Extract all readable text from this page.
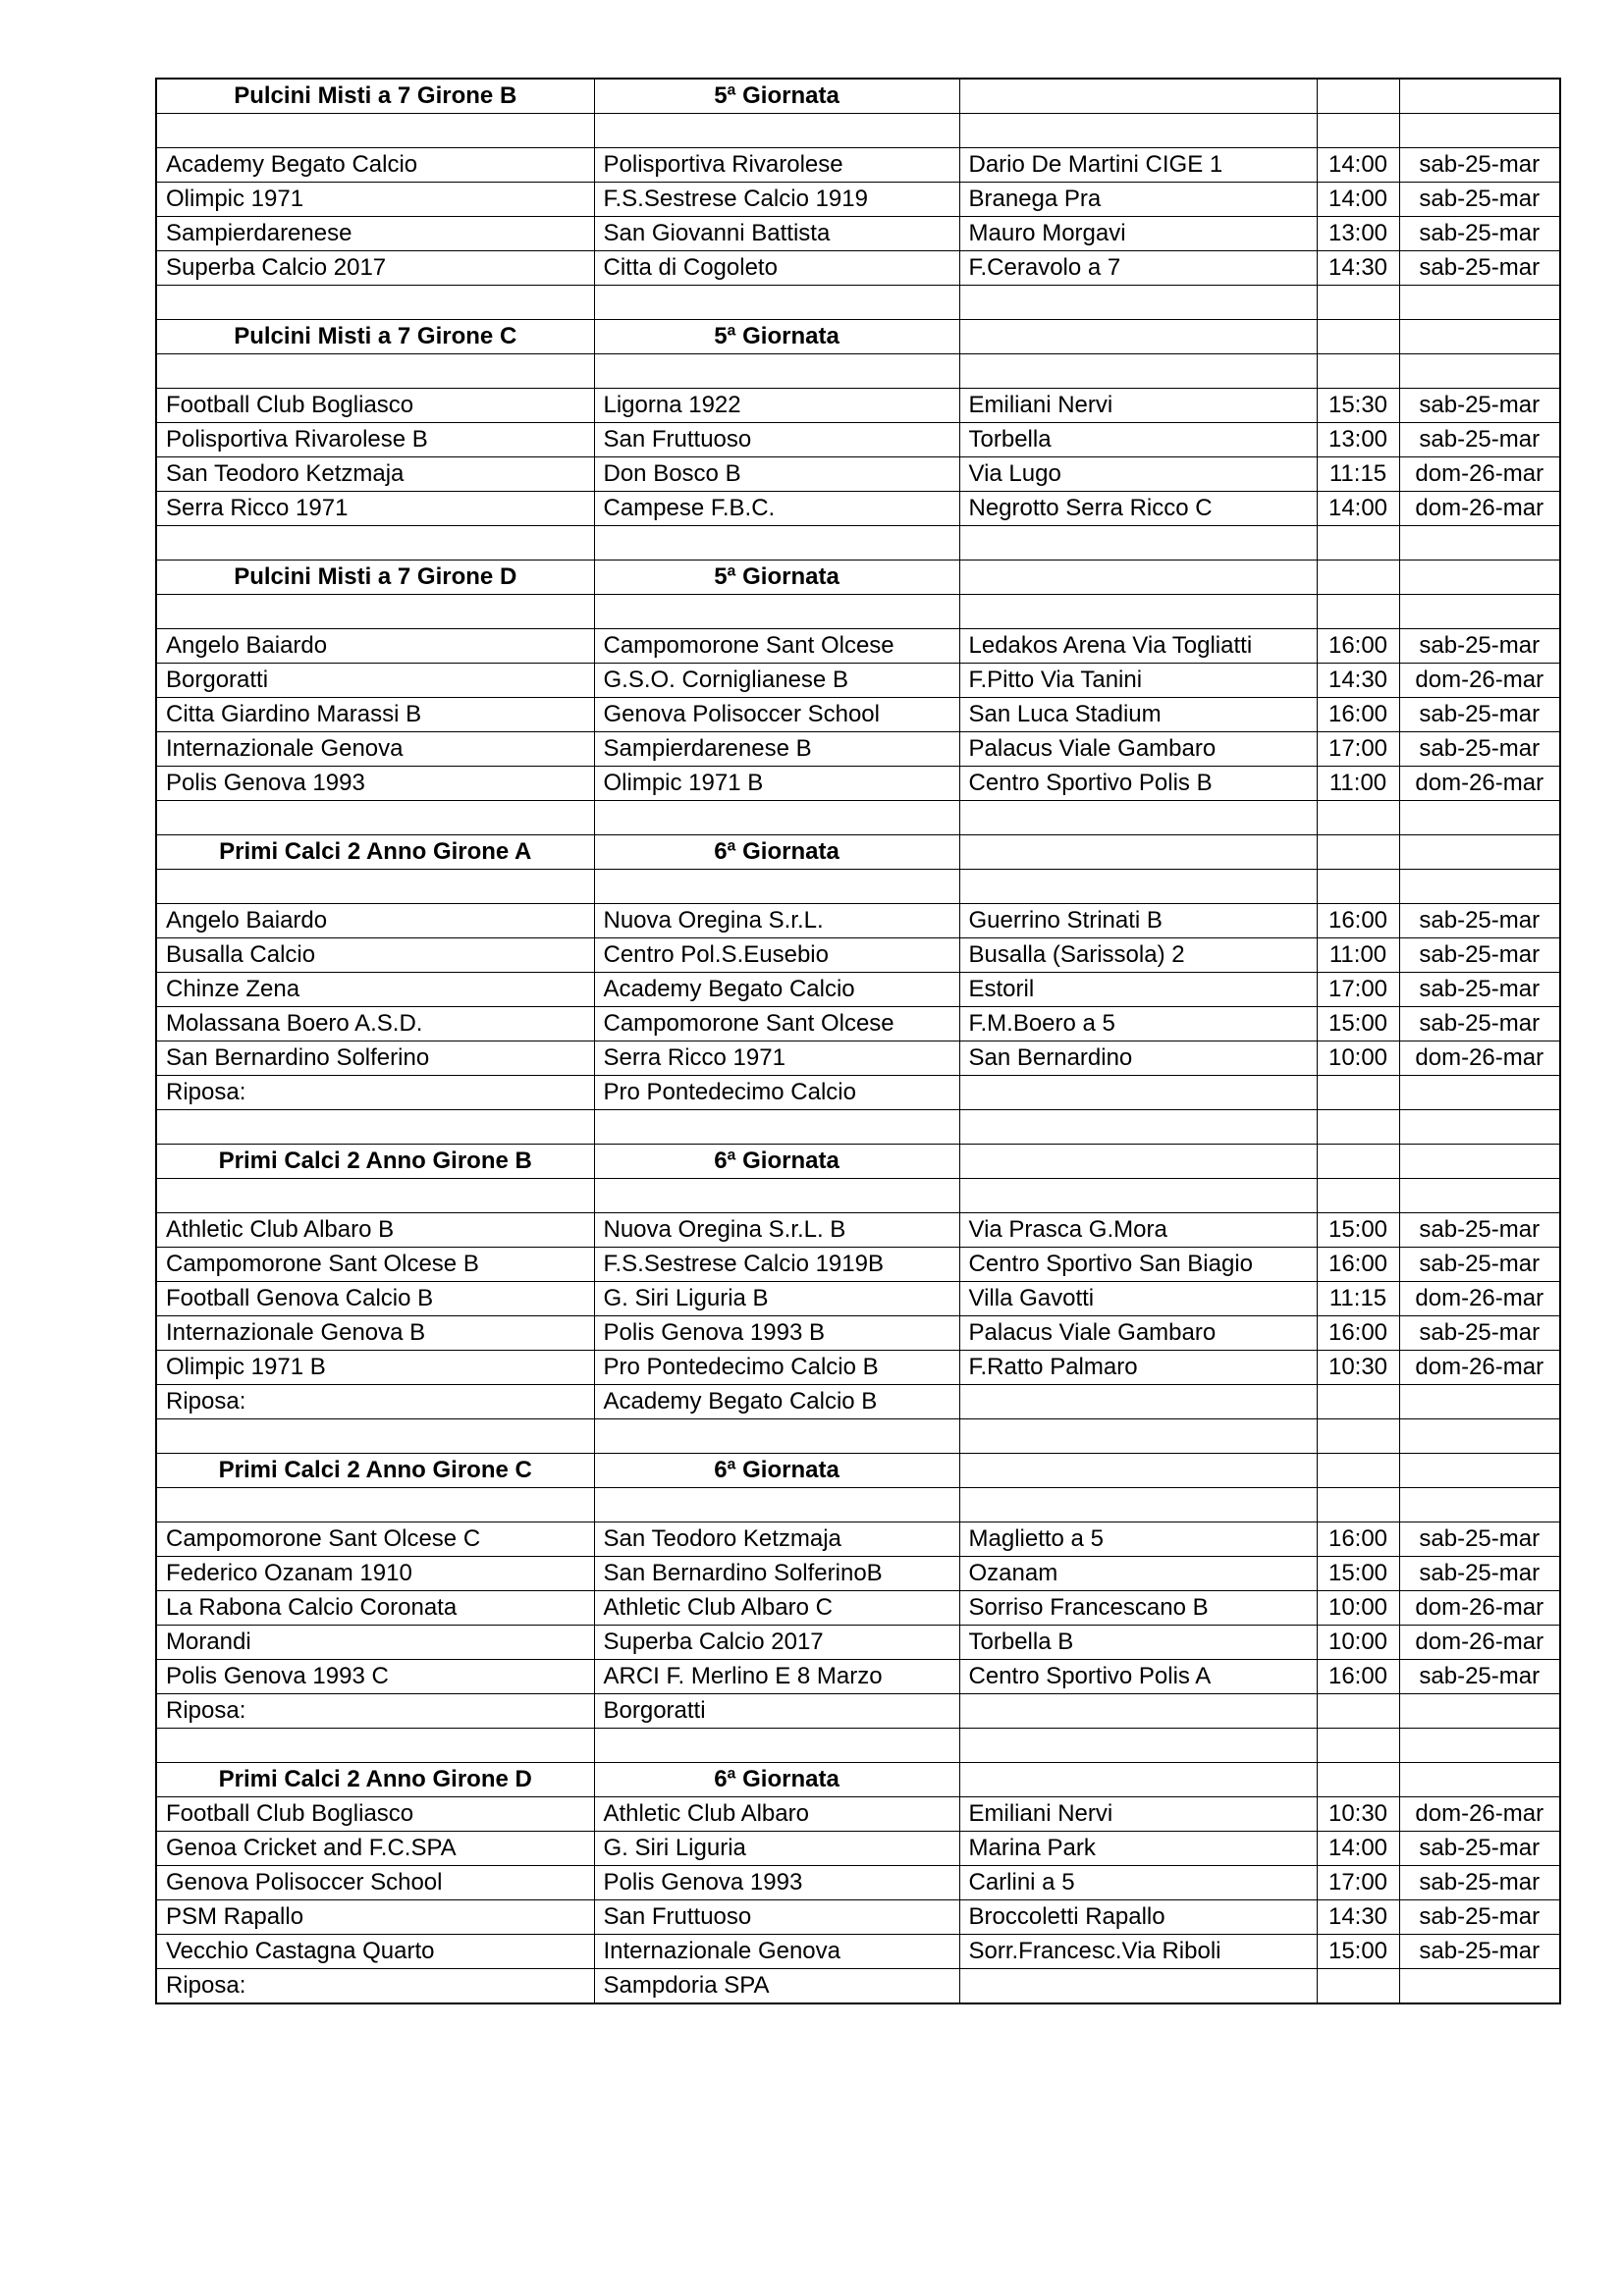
Pulcini Misti a 7 Girone B	5ª Giornata			

Academy Begato Calcio	Polisportiva Rivarolese	Dario De Martini CIGE 1	14:00	sab-25-mar
Olimpic 1971	F.S.Sestrese Calcio 1919	Branega Pra	14:00	sab-25-mar
Sampierdarenese	San Giovanni Battista	Mauro Morgavi	13:00	sab-25-mar
Superba Calcio 2017	Citta di Cogoleto	F.Ceravolo a 7	14:30	sab-25-mar

Pulcini Misti a 7 Girone C	5ª Giornata			

Football Club Bogliasco	Ligorna 1922	Emiliani Nervi	15:30	sab-25-mar
Polisportiva Rivarolese B	San Fruttuoso	Torbella	13:00	sab-25-mar
San Teodoro Ketzmaja	Don Bosco B	Via Lugo	11:15	dom-26-mar
Serra Ricco 1971	Campese F.B.C.	Negrotto Serra Ricco C	14:00	dom-26-mar

Pulcini Misti a 7 Girone D	5ª Giornata			

Angelo Baiardo	Campomorone Sant Olcese	Ledakos Arena Via Togliatti	16:00	sab-25-mar
Borgoratti	G.S.O. Corniglianese B	F.Pitto Via Tanini	14:30	dom-26-mar
Citta Giardino Marassi B	Genova Polisoccer School	San Luca Stadium	16:00	sab-25-mar
Internazionale Genova	Sampierdarenese B	Palacus Viale Gambaro	17:00	sab-25-mar
Polis Genova 1993	Olimpic 1971 B	Centro Sportivo Polis B	11:00	dom-26-mar

Primi Calci 2 Anno Girone A	6ª Giornata			

Angelo Baiardo	Nuova Oregina S.r.L.	Guerrino Strinati B	16:00	sab-25-mar
Busalla Calcio	Centro Pol.S.Eusebio	Busalla (Sarissola) 2	11:00	sab-25-mar
Chinze Zena	Academy Begato Calcio	Estoril	17:00	sab-25-mar
Molassana Boero A.S.D.	Campomorone Sant Olcese	F.M.Boero a 5	15:00	sab-25-mar
San Bernardino Solferino	Serra Ricco 1971	San Bernardino	10:00	dom-26-mar
Riposa:	Pro Pontedecimo Calcio			

Primi Calci 2 Anno Girone B	6ª Giornata			

Athletic Club Albaro B	Nuova Oregina S.r.L. B	Via Prasca G.Mora	15:00	sab-25-mar
Campomorone Sant Olcese B	F.S.Sestrese Calcio 1919B	Centro Sportivo San Biagio	16:00	sab-25-mar
Football Genova Calcio B	G. Siri Liguria B	Villa Gavotti	11:15	dom-26-mar
Internazionale Genova B	Polis Genova 1993 B	Palacus Viale Gambaro	16:00	sab-25-mar
Olimpic 1971 B	Pro Pontedecimo Calcio B	F.Ratto Palmaro	10:30	dom-26-mar
Riposa:	Academy Begato Calcio B			

Primi Calci 2 Anno Girone C	6ª Giornata			

Campomorone Sant Olcese C	San Teodoro Ketzmaja	Maglietto a 5	16:00	sab-25-mar
Federico Ozanam 1910	San Bernardino SolferinoB	Ozanam	15:00	sab-25-mar
La Rabona Calcio Coronata	Athletic Club Albaro C	Sorriso Francescano B	10:00	dom-26-mar
Morandi	Superba Calcio 2017	Torbella B	10:00	dom-26-mar
Polis Genova 1993 C	ARCI F. Merlino E 8 Marzo	Centro Sportivo Polis A	16:00	sab-25-mar
Riposa:	Borgoratti			

Primi Calci 2 Anno Girone D	6ª Giornata			
Football Club Bogliasco	Athletic Club Albaro	Emiliani Nervi	10:30	dom-26-mar
Genoa Cricket and F.C.SPA	G. Siri Liguria	Marina Park	14:00	sab-25-mar
Genova Polisoccer School	Polis Genova 1993	Carlini a 5	17:00	sab-25-mar
PSM Rapallo	San Fruttuoso	Broccoletti Rapallo	14:30	sab-25-mar
Vecchio Castagna Quarto	Internazionale Genova	Sorr.Francesc.Via Riboli	15:00	sab-25-mar
Riposa:	Sampdoria SPA			
